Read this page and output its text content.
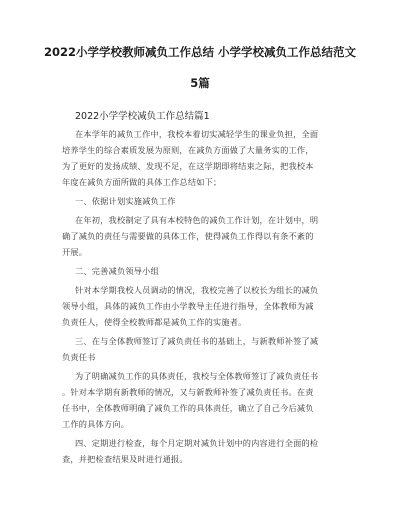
2022小学学校教师减负工作总结 小学学校减负工作总结范文
5篇
2022小学学校减负工作总结篇1
在本学年的减负工作中，我校本着切实减轻学生的课业负担，全面
培养学生的综合素质发展为原则，在减负方面做了大量务实的工作，
为了更好的发扬成绩、发现不足，在这学期即将结束之际，把我校本
年度在减负方面所做的具体工作总结如下；
一、依据计划实施减负工作
在年初，我校制定了具有本校特色的减负工作计划，在计划中，明
确了减负的责任与需要做的具体工作，使得减负工作得以有条不紊的
开展。
二、完善减负领导小组
针对本学期我校人员调动的情况，我校完善了以校长为组长的减负
领导小组，具体的减负工作由小学教导主任进行指导，全体教师为减
负责任人，使得全校教师都是减负工作的实施者。
三、在与全体教师签订了减负责任书的基础上，与新教师补签了减
负责任书
为了明确减负工作的具体责任，我校与全体教师签订了减负责任书
。针对本学期有新教师的情况，又与新教师补签了减负责任书。在责
任书中，全体教师明确了减负工作的具体责任，确立了自己今后减负
工作的具体方向。
四、定期进行检查，每个月定期对减负计划中的内容进行全面的检
查，并把检查结果及时进行通报。
